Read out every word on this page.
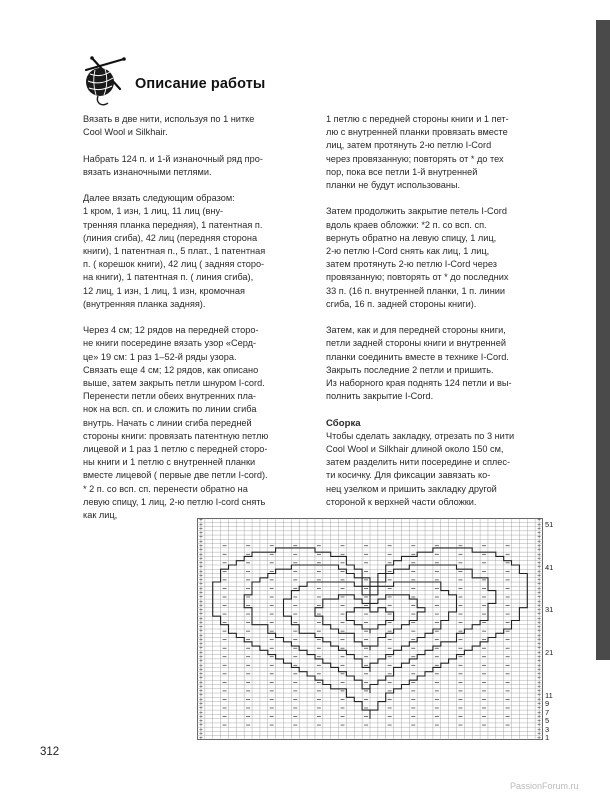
Описание работы
Вязать в две нити, используя по 1 нитке
Cool Wool и Silkhair.
Набрать 124 п. и 1-й изнаночный ряд про-
вязать изнаночными петлями.
Далее вязать следующим образом:
1 кром, 1 изн, 1 лиц, 11 лиц (вну-
тренняя планка передняя), 1 патентная п.
(линия сгиба), 42 лиц (передняя сторона
книги), 1 патентная п., 5 плат., 1 патентная
п. ( корешок книги), 42 лиц ( задняя сторо-
на книги), 1 патентная п. ( линия сгиба),
12 лиц, 1 изн, 1 лиц, 1 изн, кромочная
(внутренняя планка задняя).
Через 4 см; 12 рядов на передней сторо-
не книги посередине вязать узор «Серд-
це» 19 см: 1 раз 1–52-й ряды узора.
Связать еще 4 см; 12 рядов, как описано
выше, затем закрыть петли шнуром I-cord.
Перенести петли обеих внутренних пла-
нок на всп. сп. и сложить по линии сгиба
внутрь. Начать с линии сгиба передней
стороны книги: провязать патентную петлю
лицевой и 1 раз 1 петлю с передней сторо-
ны книги и 1 петлю с внутренней планки
вместе лицевой ( первые две петли I-cord).
* 2 п. со всп. сп. перенести обратно на
левую спицу, 1 лиц, 2-ю петлю I-cord снять
как лиц,
1 петлю с передней стороны книги и 1 пет-
лю с внутренней планки провязать вместе
лиц, затем протянуть 2-ю петлю I-Cord
через провязанную; повторять от * до тех
пор, пока все петли 1-й внутренней
планки не будут использованы.
Затем продолжить закрытие петель I-Cord
вдоль краев обложки: *2 п. со всп. сп.
вернуть обратно на левую спицу, 1 лиц,
2-ю петлю I-Cord снять как лиц, 1 лиц,
затем протянуть 2-ю петлю I-Cord через
провязанную; повторять от * до последних
33 п. (16 п. внутренней планки, 1 п. линии
сгиба, 16 п. задней стороны книги).
Затем, как и для передней стороны книги,
петли задней стороны книги и внутренней
планки соединить вместе в технике I-Cord.
Закрыть последние 2 петли и пришить.
Из наборного края поднять 124 петли и вы-
полнить закрытие I-Cord.
Сборка
Чтобы сделать закладку, отрезать по 3 нити
Cool Wool и Silkhair длиной около 150 см,
затем разделить нити посередине и сплес-
ти косичку. Для фиксации завязать ко-
нец узелком и пришить закладку другой
стороной к верхней части обложки.
+	+
+	+
+	+
+	+
+	+
+	+
+	+
+	+
+	+
+	+
+	+
+	+
+	+
+	+
+	+
+	+
+	+
+	+
+	+
+	+
+	+
+	+
+	+
+	+
+	+
+	+
+	+
+	+
+	+
+	+
+	+
+	+
+	+
+	+
+	+
+	+
+	+
+	+
+	+
+	+
+	+
+	+
+	+
+	+
+	+
+	+
+	+
+	+
+	+
+	+
+	+
+	+
51
41
31
21
11
9
7
5
3
1
312
PassionForum.ru
